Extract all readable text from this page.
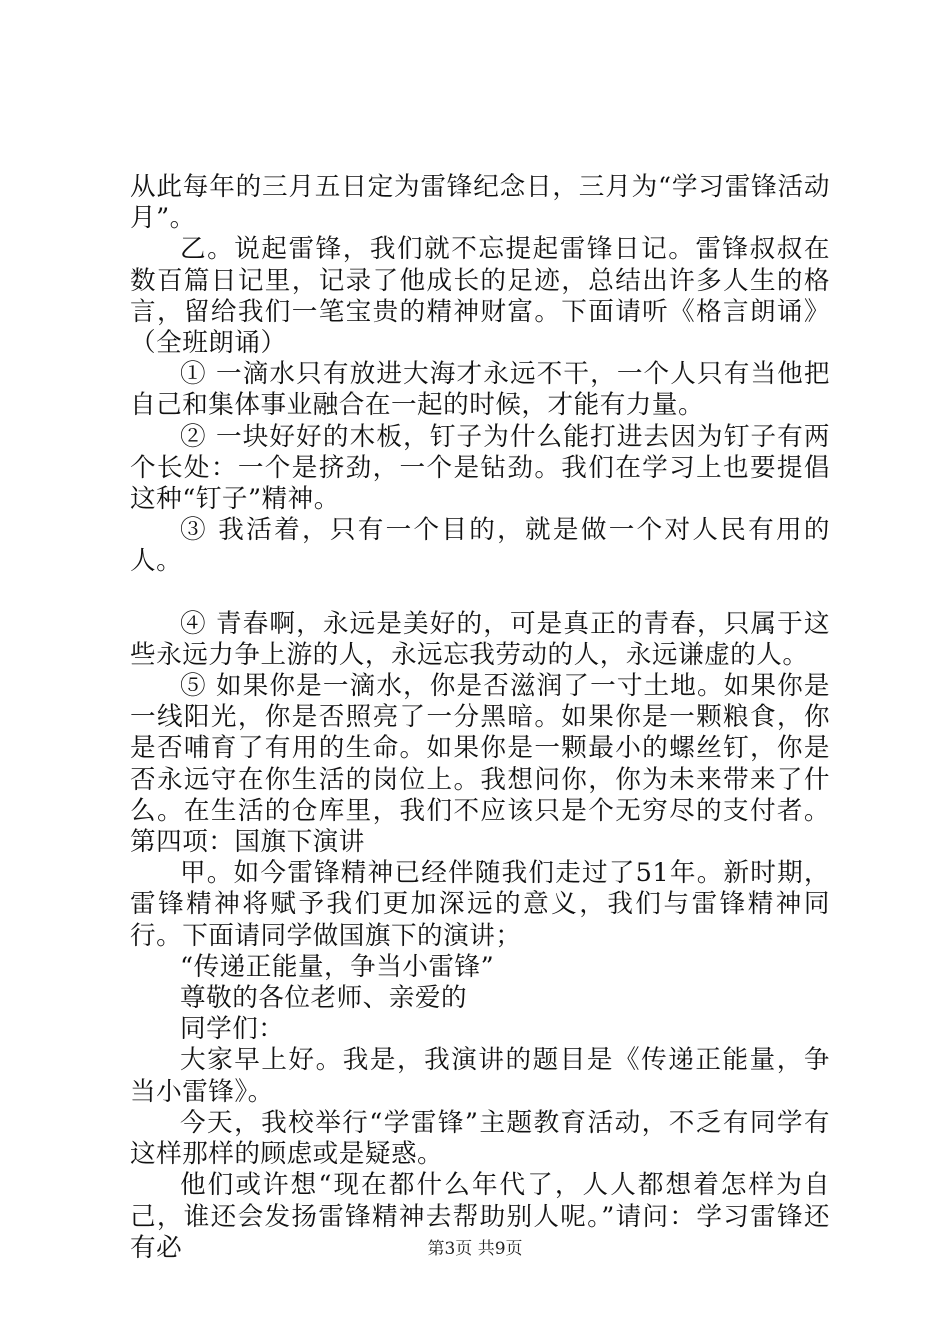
从此每年的三月五日定为雷锋纪念日，三月为“学习雷锋活动月”。

乙。说起雷锋，我们就不忘提起雷锋日记。雷锋叔叔在数百篇日记里，记录了他成长的足迹，总结出许多人生的格言，留给我们一笔宝贵的精神财富。下面请听《格言朗诵》（全班朗诵）

① 一滴水只有放进大海才永远不干，一个人只有当他把自己和集体事业融合在一起的时候，才能有力量。

② 一块好好的木板，钉子为什么能打进去因为钉子有两个长处：一个是挤劲，一个是钻劲。我们在学习上也要提倡这种“钉子”精神。

③ 我活着，只有一个目的，就是做一个对人民有用的人。

④ 青春啊，永远是美好的，可是真正的青春，只属于这些永远力争上游的人，永远忘我劳动的人，永远谦虚的人。

⑤ 如果你是一滴水，你是否滋润了一寸土地。如果你是一线阳光，你是否照亮了一分黑暗。如果你是一颗粮食，你是否哺育了有用的生命。如果你是一颗最小的螺丝钉，你是否永远守在你生活的岗位上。我想问你，你为未来带来了什么。在生活的仓库里，我们不应该只是个无穷尽的支付者。第四项：国旗下演讲

甲。如今雷锋精神已经伴随我们走过了51年。新时期，雷锋精神将赋予我们更加深远的意义，我们与雷锋精神同行。下面请同学做国旗下的演讲；

“传递正能量，争当小雷锋”

尊敬的各位老师、亲爱的

同学们：

大家早上好。我是，我演讲的题目是《传递正能量，争当小雷锋》。

今天，我校举行“学雷锋”主题教育活动，不乏有同学有这样那样的顾虑或是疑惑。

他们或许想“现在都什么年代了，人人都想着怎样为自己，谁还会发扬雷锋精神去帮助别人呢。”请问：学习雷锋还有必	第3页 共9页
